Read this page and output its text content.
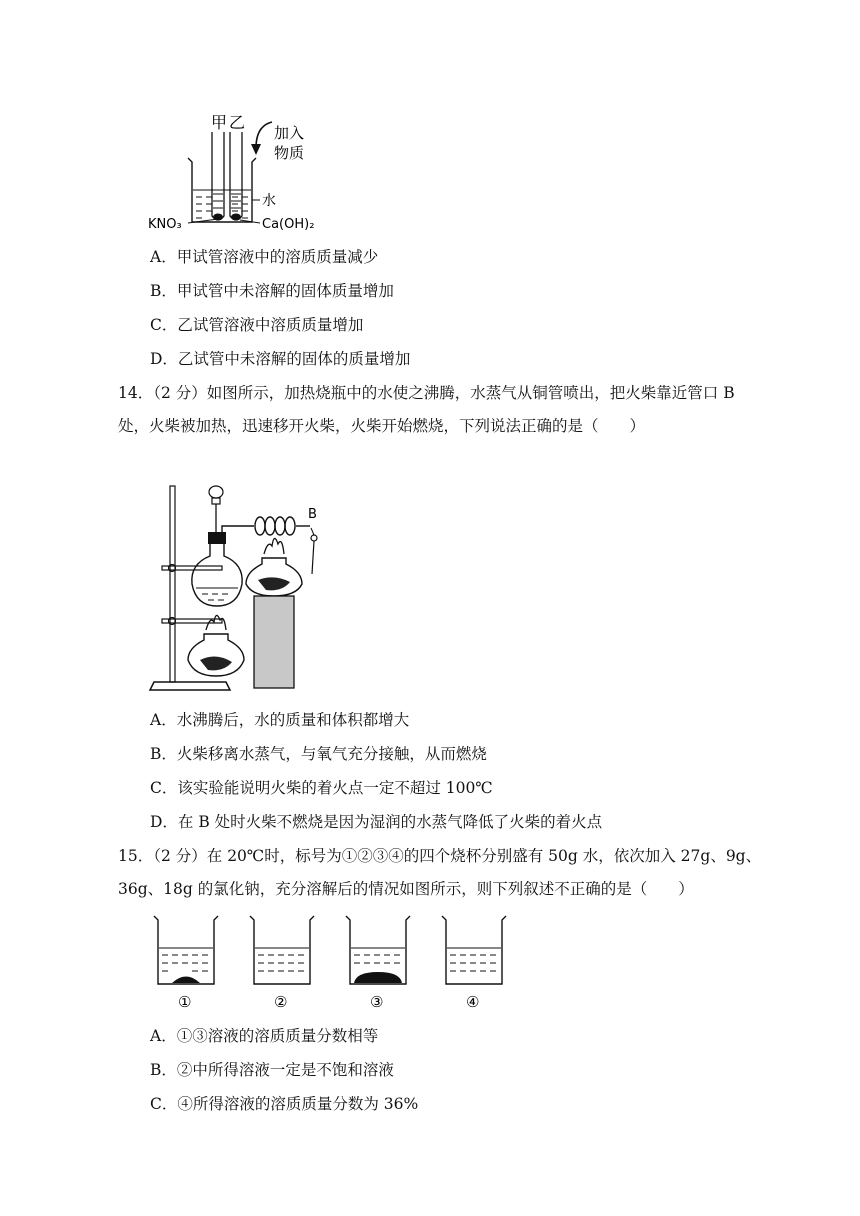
甲 乙
加入
物质
水
KNO₃	Ca(OH)₂
A．甲试管溶液中的溶质质量减少
B．甲试管中未溶解的固体质量增加
C．乙试管溶液中溶质质量增加
D．乙试管中未溶解的固体的质量增加
14．（2 分）如图所示，加热烧瓶中的水使之沸腾，水蒸气从铜管喷出，把火柴靠近管口 B
处，火柴被加热，迅速移开火柴，火柴开始燃烧，下列说法正确的是（　　）
B
A．水沸腾后，水的质量和体积都增大
B．火柴移离水蒸气，与氧气充分接触，从而燃烧
C．该实验能说明火柴的着火点一定不超过 100℃
D．在 B 处时火柴不燃烧是因为湿润的水蒸气降低了火柴的着火点
15．（2 分）在 20℃时，标号为①②③④的四个烧杯分别盛有 50g 水，依次加入 27g、9g、
36g、18g 的氯化钠，充分溶解后的情况如图所示，则下列叙述不正确的是（　　）
①	②	③	④
A．①③溶液的溶质质量分数相等
B．②中所得溶液一定是不饱和溶液
C．④所得溶液的溶质质量分数为 36%
